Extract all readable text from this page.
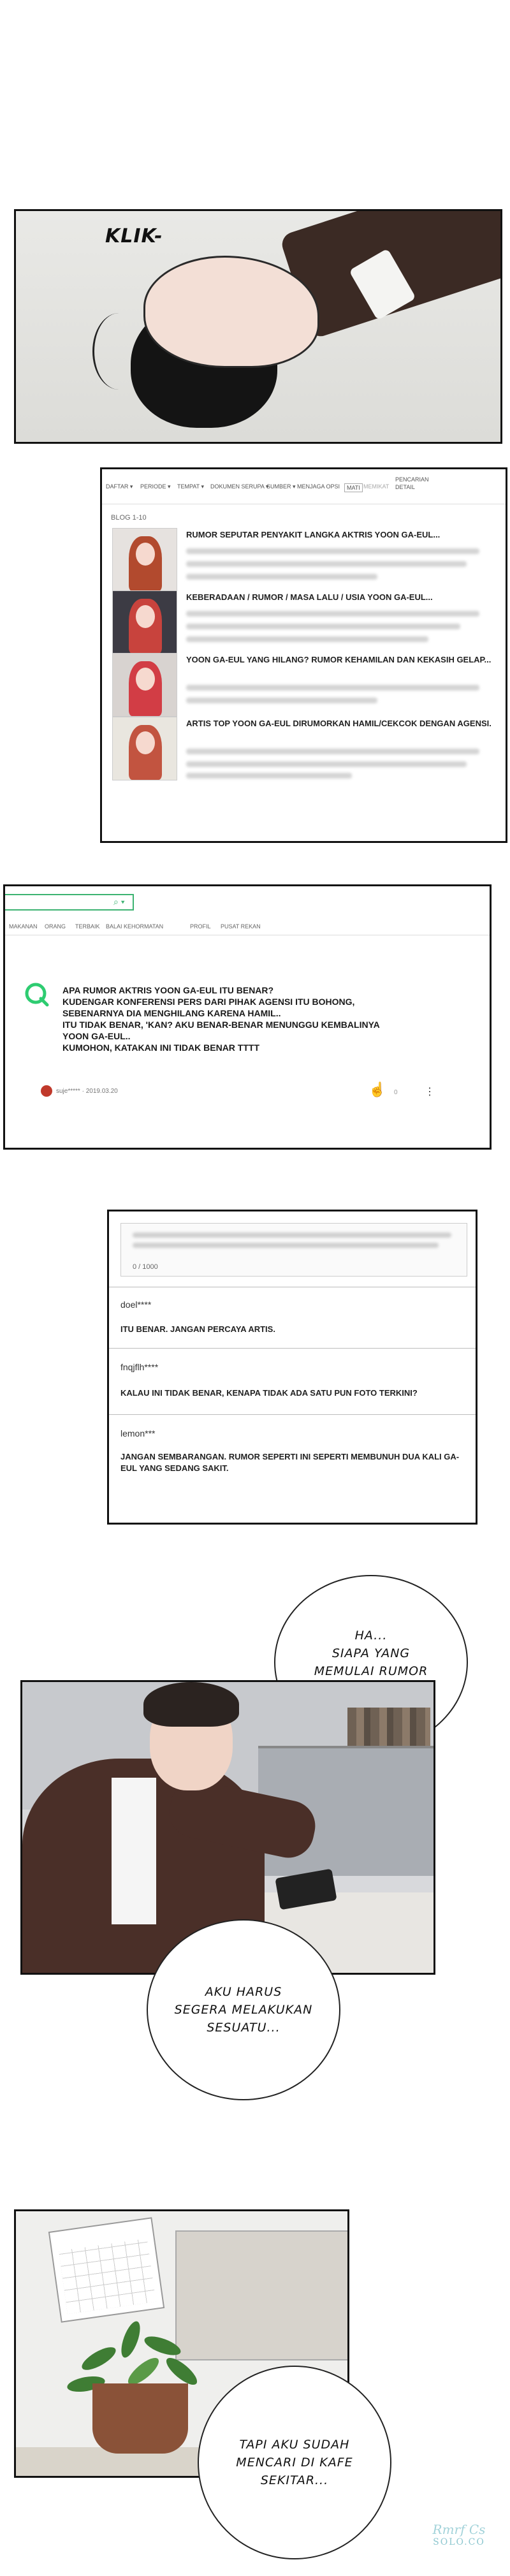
KLIK-
DAFTAR ▾ PERIODE ▾ TEMPAT ▾ DOKUMEN SERUPA ▾
SUMBER ▾ MENJAGA OPSI	MATI MEMIKAT
PENCARIAN DETAIL
BLOG 1-10
RUMOR SEPUTAR PENYAKIT LANGKA AKTRIS YOON GA-EUL...
KEBERADAAN / RUMOR / MASA LALU / USIA YOON GA-EUL...
YOON GA-EUL YANG HILANG? RUMOR KEHAMILAN DAN KEKASIH GELAP...
ARTIS TOP YOON GA-EUL DIRUMORKAN HAMIL/CEKCOK DENGAN AGENSI.
⌕ ▾
MAKANAN ORANG TERBAIK BALAI KEHORMATAN	PROFIL PUSAT REKAN
APA RUMOR AKTRIS YOON GA-EUL ITU BENAR?
KUDENGAR KONFERENSI PERS DARI PIHAK AGENSI ITU BOHONG,
SEBENARNYA DIA MENGHILANG KARENA HAMIL..
ITU TIDAK BENAR, 'KAN? AKU BENAR-BENAR MENUNGGU KEMBALINYA
YOON GA-EUL..
KUMOHON, KATAKAN INI TIDAK BENAR TTTT
suje***** · 2019.03.20	☝ 0	⋮
0 / 1000
doel****
ITU BENAR. JANGAN PERCAYA ARTIS.
fnqjflh****
KALAU INI TIDAK BENAR, KENAPA TIDAK ADA SATU PUN FOTO TERKINI?
lemon***
JANGAN SEMBARANGAN. RUMOR SEPERTI INI SEPERTI MEMBUNUH DUA KALI GA-EUL YANG SEDANG SAKIT.
HA...
SIAPA YANG
MEMULAI RUMOR
AKU HARUS
SEGERA MELAKUKAN
SESUATU...
TAPI AKU SUDAH
MENCARI DI KAFE
SEKITAR...
Rmrf Cs
SOLO.CO
